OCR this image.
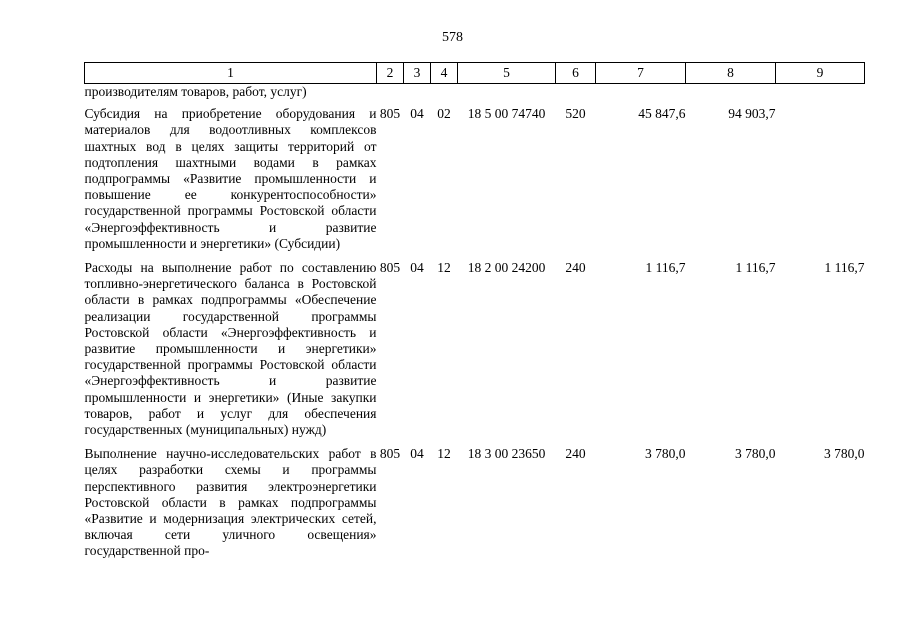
578
1	2	3	4	5	6	7	8	9
производителям товаров, работ, услуг)								
Субсидия на приобретение оборудования и материалов для водоотливных комплексов шахтных вод в целях защиты территорий от подтопления шахтными водами в рамках подпрограммы «Развитие промышленности и повышение ее конкурентоспособности» государственной программы Ростовской области «Энергоэффективность и развитие промышленности и энергетики» (Субсидии)	805	04	02	18 5 00 74740	520	45 847,6	94 903,7	
Расходы на выполнение работ по составлению топливно-энергетического баланса в Ростовской области в рамках подпрограммы «Обеспечение реализации государственной программы Ростовской области «Энергоэффективность и развитие промышленности и энергетики» государственной программы Ростовской области «Энергоэффективность и развитие промышленности и энергетики» (Иные закупки товаров, работ и услуг для обеспечения государственных (муниципальных) нужд)	805	04	12	18 2 00 24200	240	1 116,7	1 116,7	1 116,7
Выполнение научно-исследовательских работ в целях разработки схемы и программы перспективного развития электроэнергетики Ростовской области в рамках подпрограммы «Развитие и модернизация электрических сетей, включая сети уличного освещения» государственной про-	805	04	12	18 3 00 23650	240	3 780,0	3 780,0	3 780,0
